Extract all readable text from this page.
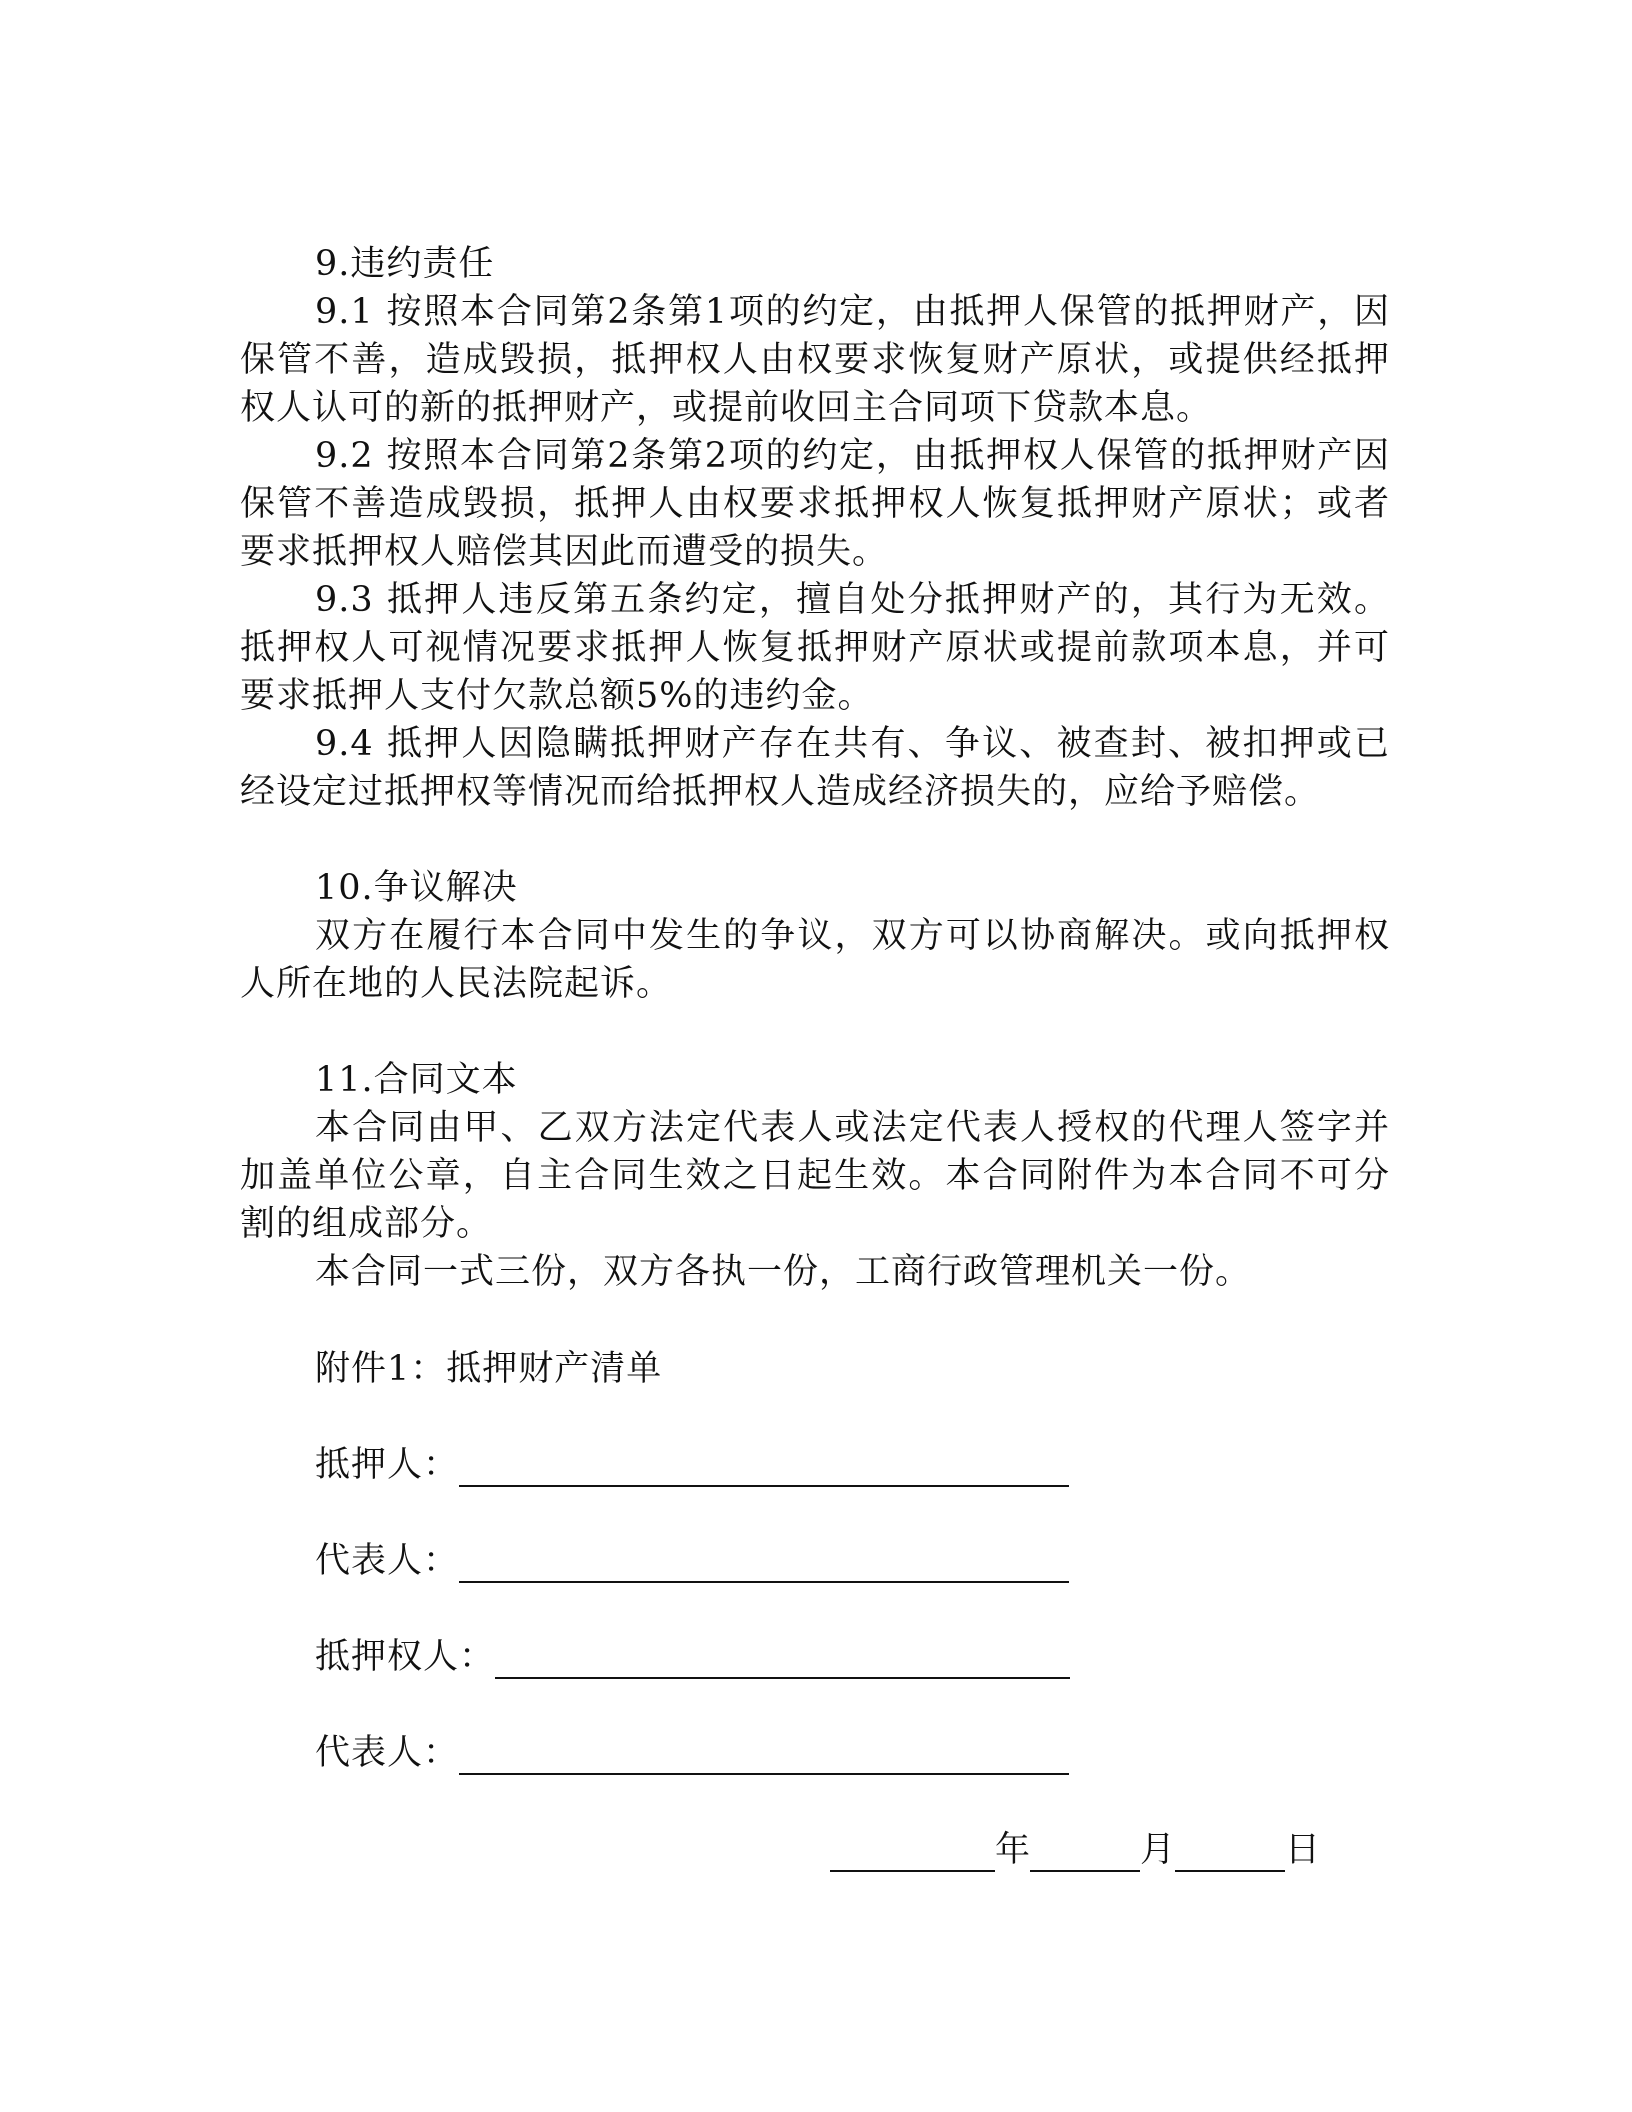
9.违约责任

9.1 按照本合同第2条第1项的约定，由抵押人保管的抵押财产，因保管不善，造成毁损，抵押权人由权要求恢复财产原状，或提供经抵押权人认可的新的抵押财产，或提前收回主合同项下贷款本息。

9.2 按照本合同第2条第2项的约定，由抵押权人保管的抵押财产因保管不善造成毁损，抵押人由权要求抵押权人恢复抵押财产原状；或者要求抵押权人赔偿其因此而遭受的损失。

9.3 抵押人违反第五条约定，擅自处分抵押财产的，其行为无效。抵押权人可视情况要求抵押人恢复抵押财产原状或提前款项本息，并可要求抵押人支付欠款总额5%的违约金。

9.4 抵押人因隐瞒抵押财产存在共有、争议、被查封、被扣押或已经设定过抵押权等情况而给抵押权人造成经济损失的，应给予赔偿。

10.争议解决

双方在履行本合同中发生的争议，双方可以协商解决。或向抵押权人所在地的人民法院起诉。

11.合同文本

本合同由甲、乙双方法定代表人或法定代表人授权的代理人签字并加盖单位公章，自主合同生效之日起生效。本合同附件为本合同不可分割的组成部分。

本合同一式三份，双方各执一份，工商行政管理机关一份。

附件1：抵押财产清单

抵押人：
代表人：
抵押权人：
代表人：
年	月	日
